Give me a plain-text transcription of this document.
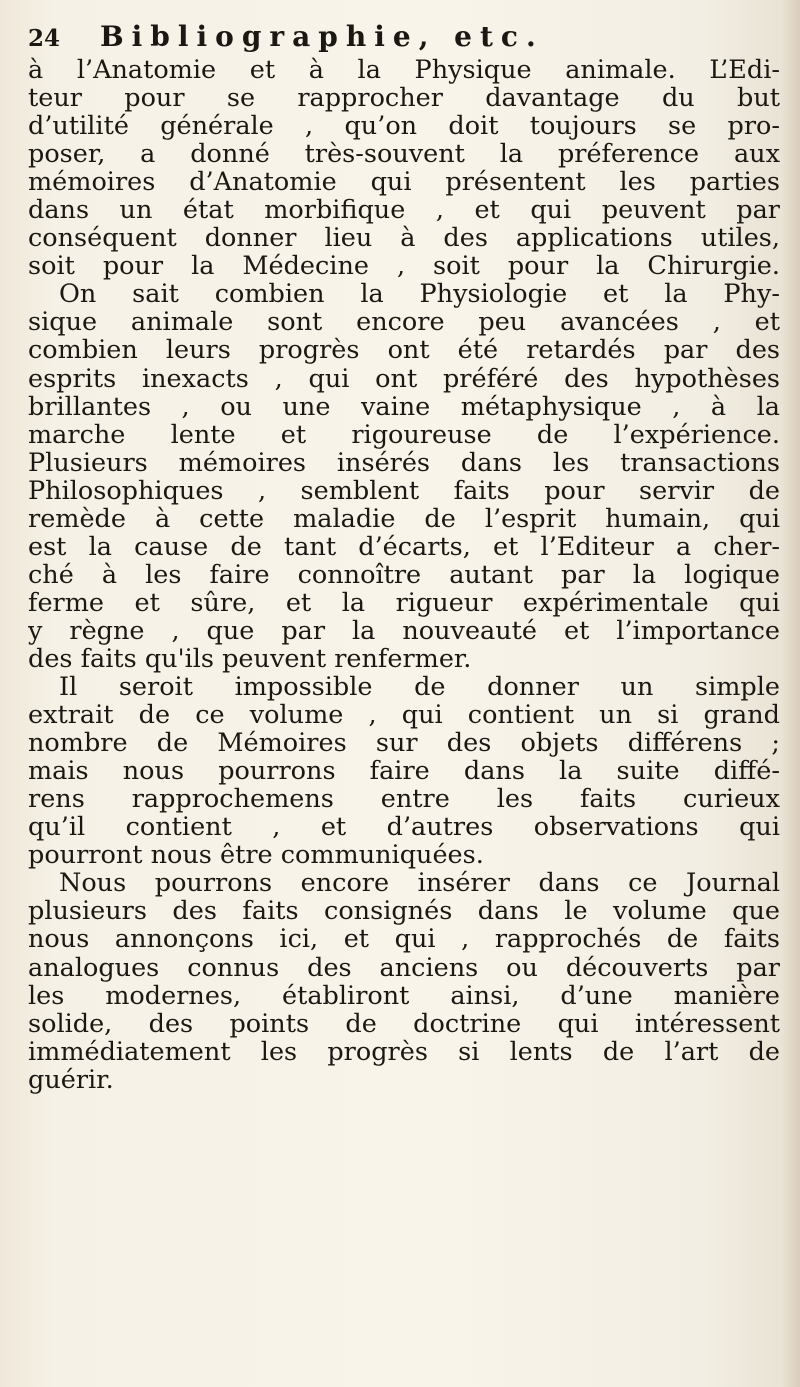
24 Bibliographie, etc.
à l’Anatomie et à la Physique animale. L’Edi-
teur pour se rapprocher davantage du but
d’utilité générale , qu’on doit toujours se pro-
poser, a donné très-souvent la préference aux
mémoires d’Anatomie qui présentent les parties
dans un état morbifique , et qui peuvent par
conséquent donner lieu à des applications utiles,
soit pour la Médecine , soit pour la Chirurgie.
On sait combien la Physiologie et la Phy-
sique animale sont encore peu avancées , et
combien leurs progrès ont été retardés par des
esprits inexacts , qui ont préféré des hypothèses
brillantes , ou une vaine métaphysique , à la
marche lente et rigoureuse de l’expérience.
Plusieurs mémoires insérés dans les transactions
Philosophiques , semblent faits pour servir de
remède à cette maladie de l’esprit humain, qui
est la cause de tant d’écarts, et l’Editeur a cher-
ché à les faire connoître autant par la logique
ferme et sûre, et la rigueur expérimentale qui
y règne , que par la nouveauté et l’importance
des faits qu'ils peuvent renfermer.
Il seroit impossible de donner un simple
extrait de ce volume , qui contient un si grand
nombre de Mémoires sur des objets différens ;
mais nous pourrons faire dans la suite diffé-
rens rapprochemens entre les faits curieux
qu’il contient , et d’autres observations qui
pourront nous être communiquées.
Nous pourrons encore insérer dans ce Journal
plusieurs des faits consignés dans le volume que
nous annonçons ici, et qui , rapprochés de faits
analogues connus des anciens ou découverts par
les modernes, établiront ainsi, d’une manière
solide, des points de doctrine qui intéressent
immédiatement les progrès si lents de l’art de
guérir.
